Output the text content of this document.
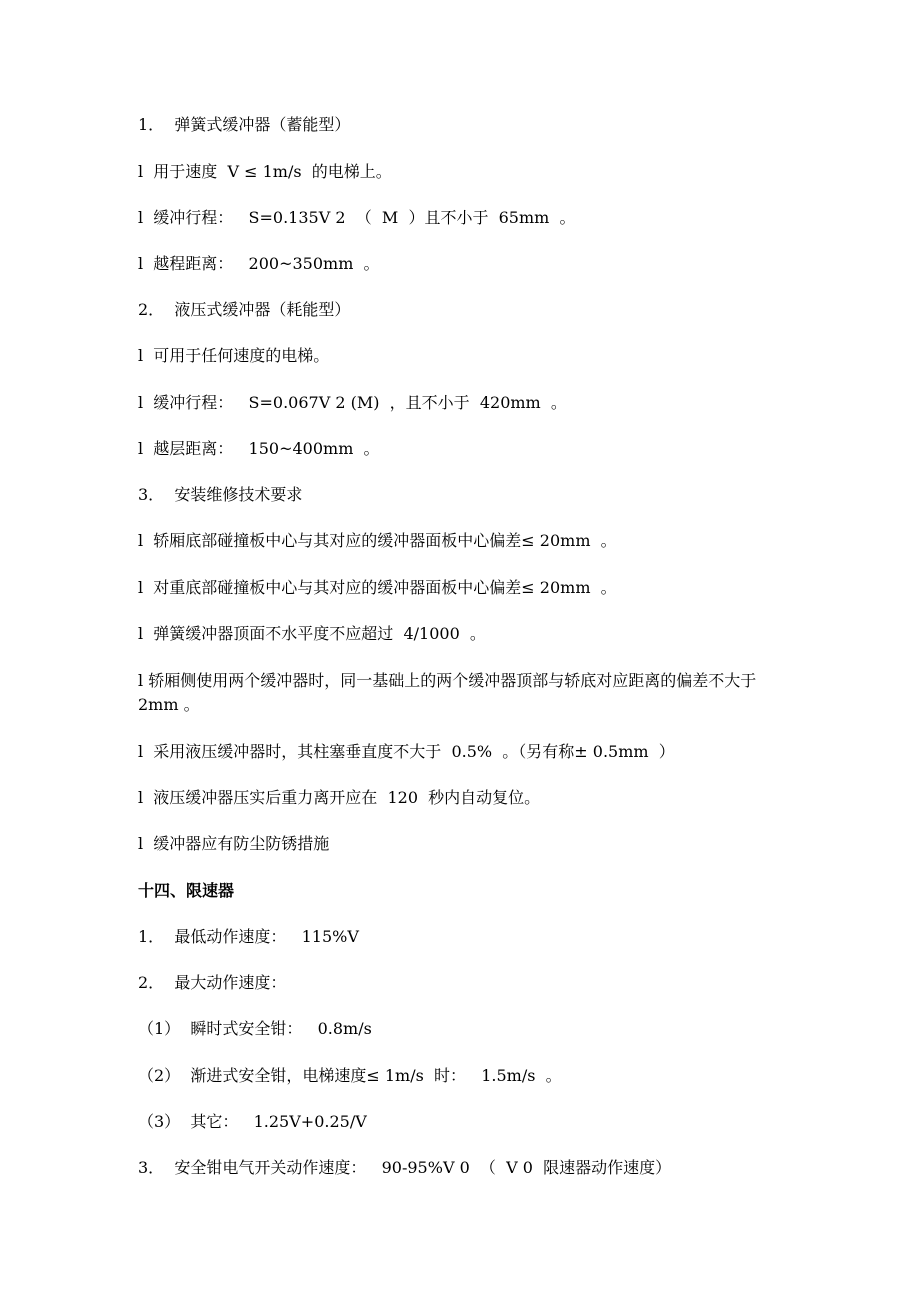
1．  弹簧式缓冲器（蓄能型）
l  用于速度  V ≤ 1m/s  的电梯上。
l  缓冲行程：   S=0.135V 2  （  M  ）且不小于  65mm  。
l  越程距离：   200~350mm  。
2．  液压式缓冲器（耗能型）
l  可用于任何速度的电梯。
l  缓冲行程：   S=0.067V 2 (M)  ，且不小于  420mm  。
l  越层距离：   150~400mm  。
3．  安装维修技术要求
l  轿厢底部碰撞板中心与其对应的缓冲器面板中心偏差≤ 20mm  。
l  对重底部碰撞板中心与其对应的缓冲器面板中心偏差≤ 20mm  。
l  弹簧缓冲器顶面不水平度不应超过  4/1000  。
l 轿厢侧使用两个缓冲器时，同一基础上的两个缓冲器顶部与轿底对应距离的偏差不大于 2mm 。
l  采用液压缓冲器时，其柱塞垂直度不大于  0.5%  。（另有称± 0.5mm  ）
l  液压缓冲器压实后重力离开应在  120  秒内自动复位。
l  缓冲器应有防尘防锈措施
十四、限速器
1．  最低动作速度：   115%V
2．  最大动作速度：
（1）  瞬时式安全钳：   0.8m/s
（2）  渐进式安全钳，电梯速度≤ 1m/s  时：   1.5m/s  。
（3）  其它：   1.25V+0.25/V
3．  安全钳电气开关动作速度：   90-95%V 0  （  V 0  限速器动作速度）
